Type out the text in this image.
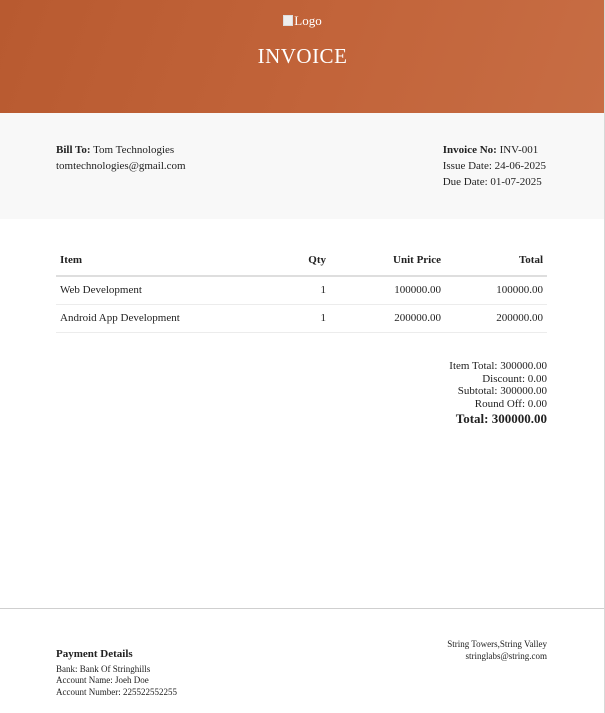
Logo
INVOICE
Bill To: Tom Technologies
tomtechnologies@gmail.com
Invoice No: INV-001
Issue Date: 24-06-2025
Due Date: 01-07-2025
Item	Qty	Unit Price	Total
Web Development	1	100000.00	100000.00
Android App Development	1	200000.00	200000.00
Item Total: 300000.00
Discount: 0.00
Subtotal: 300000.00
Round Off: 0.00
Total: 300000.00
Payment Details
Bank: Bank Of Stringhills
Account Name: Joeh Doe
Account Number: 225522552255
String Towers,String Valley
stringlabs@string.com
